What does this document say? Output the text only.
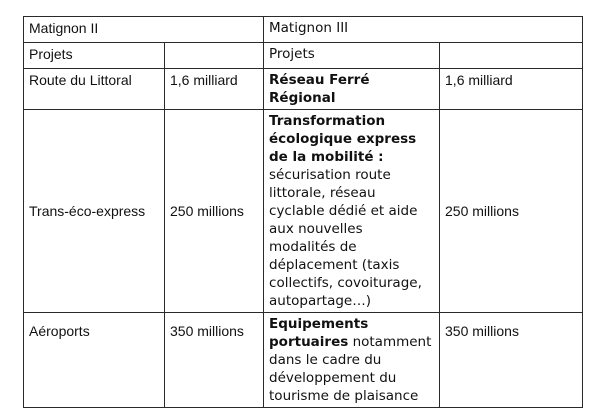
Matignon II		Matignon III	
Projets		Projets	
Route du Littoral	1,6 milliard	Réseau Ferré Régional	1,6 milliard
Trans-éco-express	250 millions	Transformation écologique express de la mobilité : sécurisation route littorale, réseau cyclable dédié et aide aux nouvelles modalités de déplacement (taxis collectifs, covoiturage, autopartage…)	250 millions
Aéroports	350 millions	Equipements portuaires notamment dans le cadre du développement du tourisme de plaisance	350 millions
